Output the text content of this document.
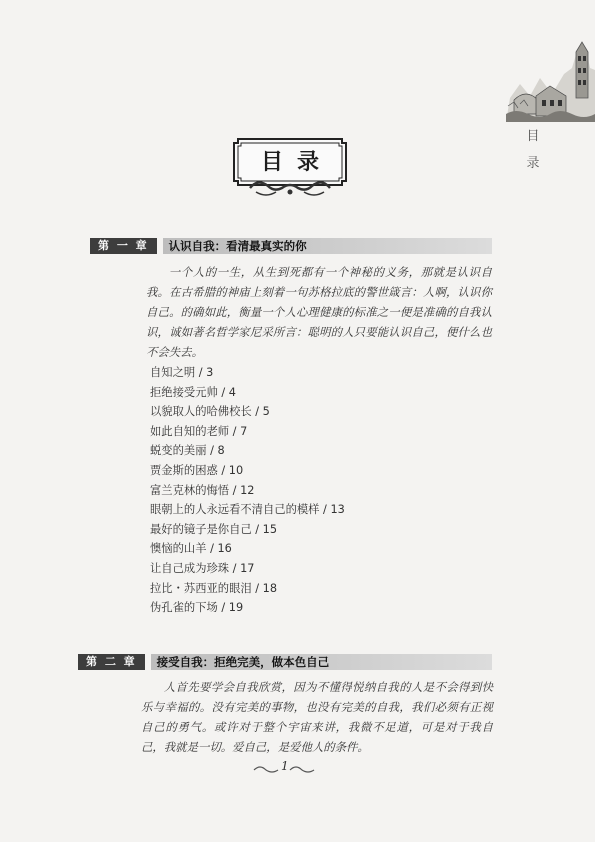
目
录
目录
第 一 章	认识自我：看清最真实的你

一个人的一生，从生到死都有一个神秘的义务，那就是认识自我。在古希腊的神庙上刻着一句苏格拉底的警世箴言：人啊，认识你自己。的确如此，衡量一个人心理健康的标准之一便是准确的自我认识，诚如著名哲学家尼采所言：聪明的人只要能认识自己，便什么也不会失去。

自知之明 / 3
拒绝接受元帅 / 4
以貌取人的哈佛校长 / 5
如此自知的老师 / 7
蜕变的美丽 / 8
贾金斯的困惑 / 10
富兰克林的悔悟 / 12
眼朝上的人永远看不清自己的模样 / 13
最好的镜子是你自己 / 15
懊恼的山羊 / 16
让自己成为珍珠 / 17
拉比・苏西亚的眼泪 / 18
伪孔雀的下场 / 19
第 二 章	接受自我：拒绝完美，做本色自己

人首先要学会自我欣赏，因为不懂得悦纳自我的人是不会得到快乐与幸福的。没有完美的事物，也没有完美的自我，我们必须有正视自己的勇气。或许对于整个宇宙来讲，我微不足道，可是对于我自己，我就是一切。爱自己，是爱他人的条件。

1
